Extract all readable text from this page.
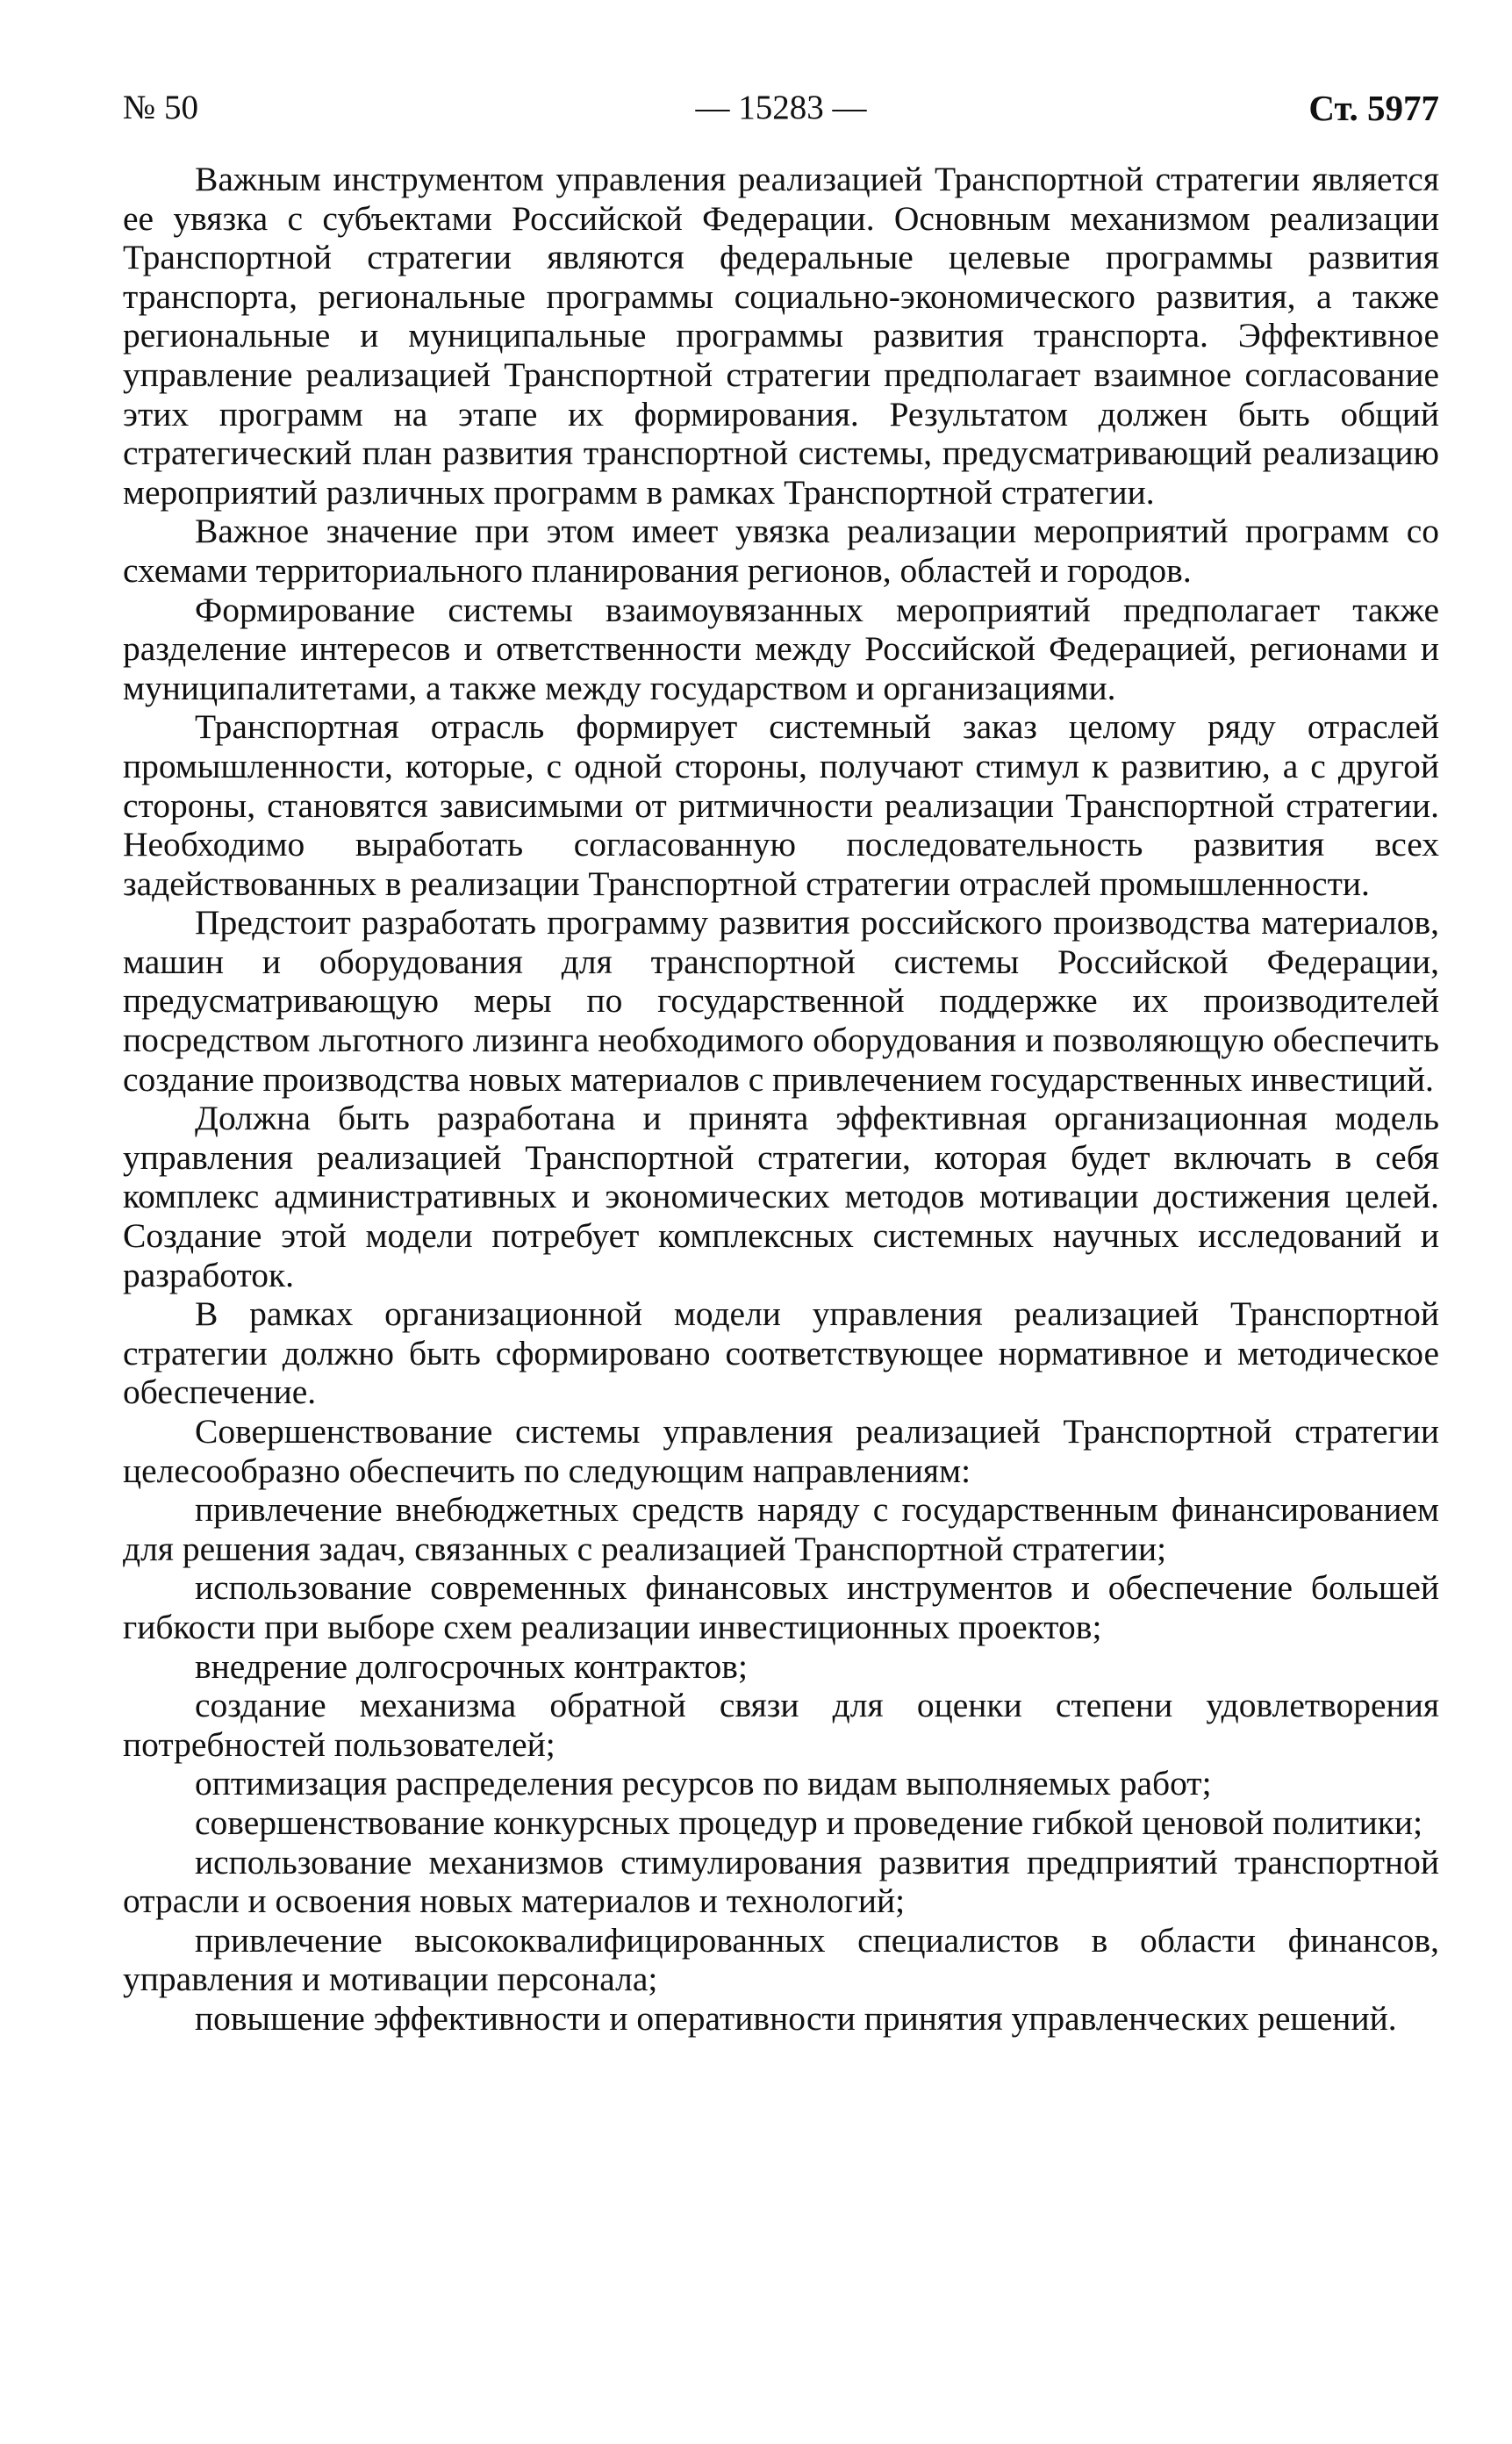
№ 50	— 15283 —	Ст. 5977

Важным инструментом управления реализацией Транспортной стратегии является ее увязка с субъектами Российской Федерации. Основным механизмом реализации Транспортной стратегии являются федеральные целевые программы развития транспорта, региональные программы социально-экономического развития, а также региональные и муниципальные программы развития транспорта. Эффективное управление реализацией Транспортной стратегии предполагает взаимное согласование этих программ на этапе их формирования. Результатом должен быть общий стратегический план развития транспортной системы, предусматривающий реализацию мероприятий различных программ в рамках Транспортной стратегии.

Важное значение при этом имеет увязка реализации мероприятий программ со схемами территориального планирования регионов, областей и городов.

Формирование системы взаимоувязанных мероприятий предполагает также разделение интересов и ответственности между Российской Федерацией, регионами и муниципалитетами, а также между государством и организациями.

Транспортная отрасль формирует системный заказ целому ряду отраслей промышленности, которые, с одной стороны, получают стимул к развитию, а с другой стороны, становятся зависимыми от ритмичности реализации Транспортной стратегии. Необходимо выработать согласованную последовательность развития всех задействованных в реализации Транспортной стратегии отраслей промышленности.

Предстоит разработать программу развития российского производства материалов, машин и оборудования для транспортной системы Российской Федерации, предусматривающую меры по государственной поддержке их производителей посредством льготного лизинга необходимого оборудования и позволяющую обеспечить создание производства новых материалов с привлечением государственных инвестиций.

Должна быть разработана и принята эффективная организационная модель управления реализацией Транспортной стратегии, которая будет включать в себя комплекс административных и экономических методов мотивации достижения целей. Создание этой модели потребует комплексных системных научных исследований и разработок.

В рамках организационной модели управления реализацией Транспортной стратегии должно быть сформировано соответствующее нормативное и методическое обеспечение.

Совершенствование системы управления реализацией Транспортной стратегии целесообразно обеспечить по следующим направлениям:

привлечение внебюджетных средств наряду с государственным финансированием для решения задач, связанных с реализацией Транспортной стратегии;

использование современных финансовых инструментов и обеспечение большей гибкости при выборе схем реализации инвестиционных проектов;

внедрение долгосрочных контрактов;

создание механизма обратной связи для оценки степени удовлетворения потребностей пользователей;

оптимизация распределения ресурсов по видам выполняемых работ;

совершенствование конкурсных процедур и проведение гибкой ценовой политики;

использование механизмов стимулирования развития предприятий транспортной отрасли и освоения новых материалов и технологий;

привлечение высококвалифицированных специалистов в области финансов, управления и мотивации персонала;

повышение эффективности и оперативности принятия управленческих решений.
